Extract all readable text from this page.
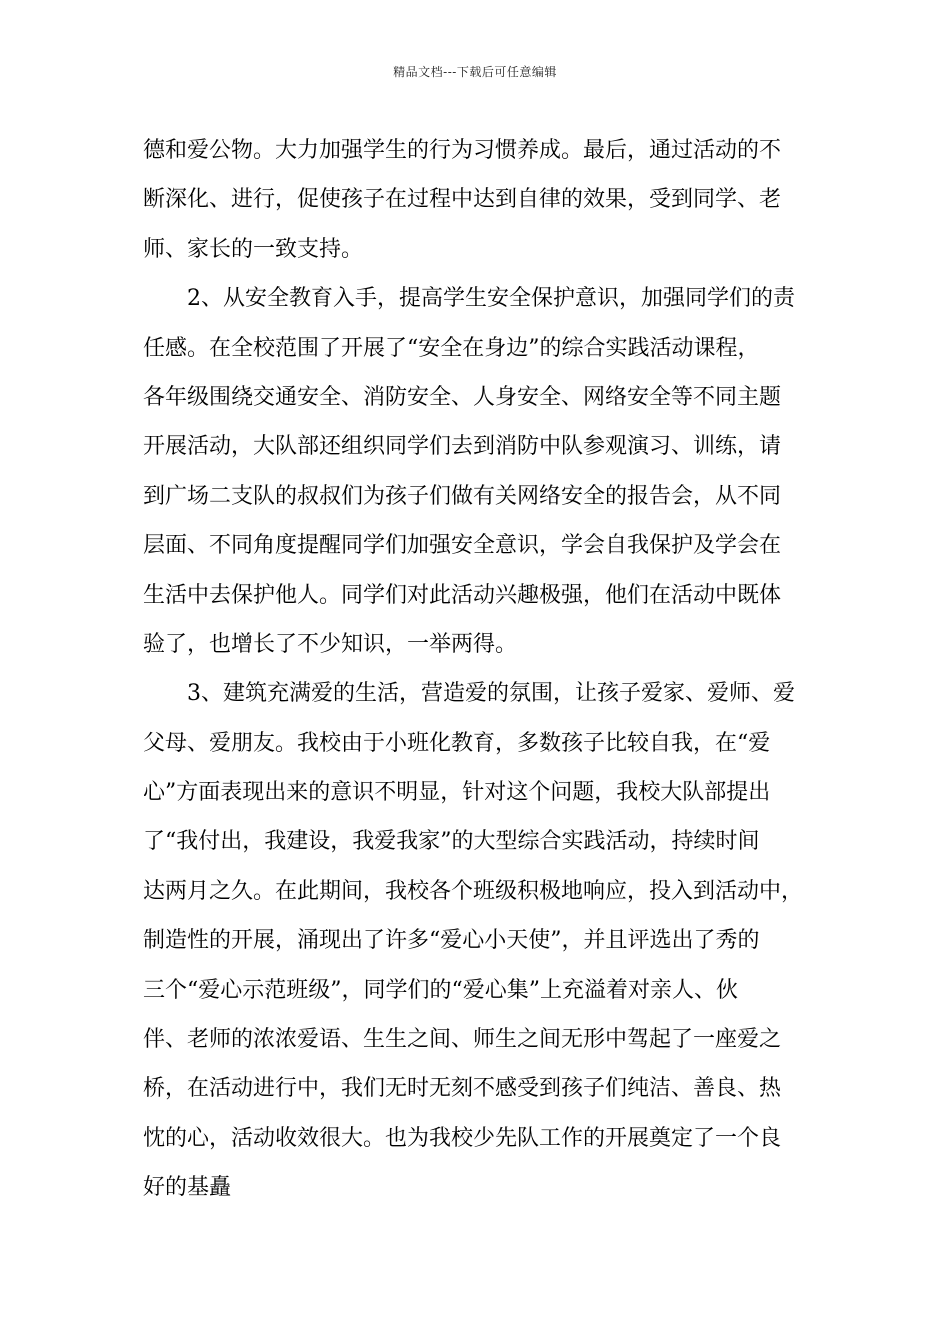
精品文档---下载后可任意编辑
德和爱公物。大力加强学生的行为习惯养成。最后，通过活动的不
断深化、进行，促使孩子在过程中达到自律的效果，受到同学、老
师、家长的一致支持。
2、从安全教育入手，提高学生安全保护意识，加强同学们的责
任感。在全校范围了开展了“安全在身边”的综合实践活动课程，
各年级围绕交通安全、消防安全、人身安全、网络安全等不同主题
开展活动，大队部还组织同学们去到消防中队参观演习、训练，请
到广场二支队的叔叔们为孩子们做有关网络安全的报告会，从不同
层面、不同角度提醒同学们加强安全意识，学会自我保护及学会在
生活中去保护他人。同学们对此活动兴趣极强，他们在活动中既体
验了，也增长了不少知识，一举两得。
3、建筑充满爱的生活，营造爱的氛围，让孩子爱家、爱师、爱
父母、爱朋友。我校由于小班化教育，多数孩子比较自我，在“爱
心”方面表现出来的意识不明显，针对这个问题，我校大队部提出
了“我付出，我建设，我爱我家”的大型综合实践活动，持续时间
达两月之久。在此期间，我校各个班级积极地响应，投入到活动中，
制造性的开展，涌现出了许多“爱心小天使”，并且评选出了秀的
三个“爱心示范班级”，同学们的“爱心集”上充溢着对亲人、伙
伴、老师的浓浓爱语、生生之间、师生之间无形中驾起了一座爱之
桥，在活动进行中，我们无时无刻不感受到孩子们纯洁、善良、热
忱的心，活动收效很大。也为我校少先队工作的开展奠定了一个良
好的基矗
